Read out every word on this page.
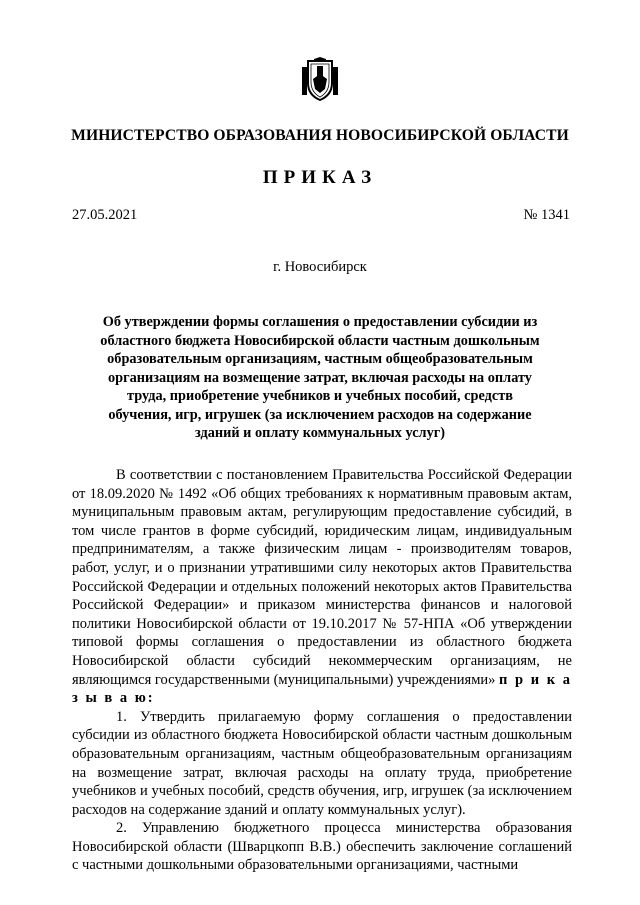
МИНИСТЕРСТВО ОБРАЗОВАНИЯ НОВОСИБИРСКОЙ ОБЛАСТИ
ПРИКАЗ
27.05.2021	№ 1341
г. Новосибирск
Об утверждении формы соглашения о предоставлении субсидии из областного бюджета Новосибирской области частным дошкольным образовательным организациям, частным общеобразовательным организациям на возмещение затрат, включая расходы на оплату труда, приобретение учебников и учебных пособий, средств обучения, игр, игрушек (за исключением расходов на содержание зданий и оплату коммунальных услуг)

В соответствии с постановлением Правительства Российской Федерации от 18.09.2020 № 1492 «Об общих требованиях к нормативным правовым актам, муниципальным правовым актам, регулирующим предоставление субсидий, в том числе грантов в форме субсидий, юридическим лицам, индивидуальным предпринимателям, а также физическим лицам - производителям товаров, работ, услуг, и о признании утратившими силу некоторых актов Правительства Российской Федерации и отдельных положений некоторых актов Правительства Российской Федерации» и приказом министерства финансов и налоговой политики Новосибирской области от 19.10.2017 № 57-НПА «Об утверждении типовой формы соглашения о предоставлении из областного бюджета Новосибирской области субсидий некоммерческим организациям, не являющимся государственными (муниципальными) учреждениями» п р и к а з ы в а ю:

1. Утвердить прилагаемую форму соглашения о предоставлении субсидии из областного бюджета Новосибирской области частным дошкольным образовательным организациям, частным общеобразовательным организациям на возмещение затрат, включая расходы на оплату труда, приобретение учебников и учебных пособий, средств обучения, игр, игрушек (за исключением расходов на содержание зданий и оплату коммунальных услуг).

2. Управлению бюджетного процесса министерства образования Новосибирской области (Шварцкопп В.В.) обеспечить заключение соглашений с частными дошкольными образовательными организациями, частными
